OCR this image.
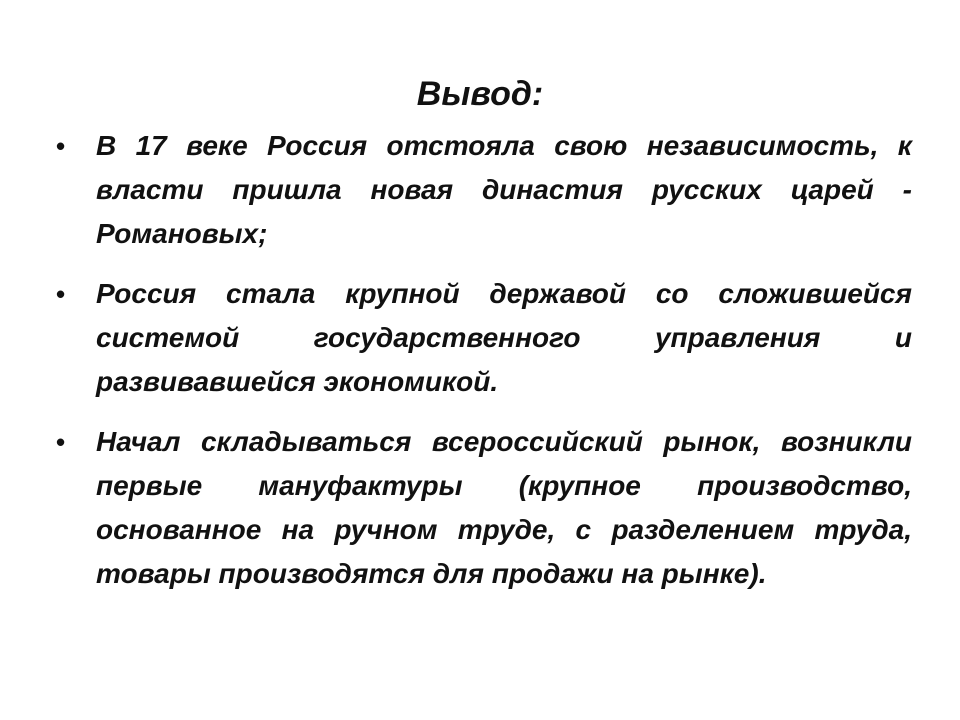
Вывод:
•	В 17 веке Россия отстояла свою независимость, к власти пришла новая династия русских царей - Романовых;
•	Россия стала крупной державой со сложившейся системой государственного управления и развивавшейся экономикой.
•	Начал складываться всероссийский рынок, возникли первые мануфактуры (крупное производство, основанное на ручном труде, с разделением труда, товары производятся для продажи на рынке).
